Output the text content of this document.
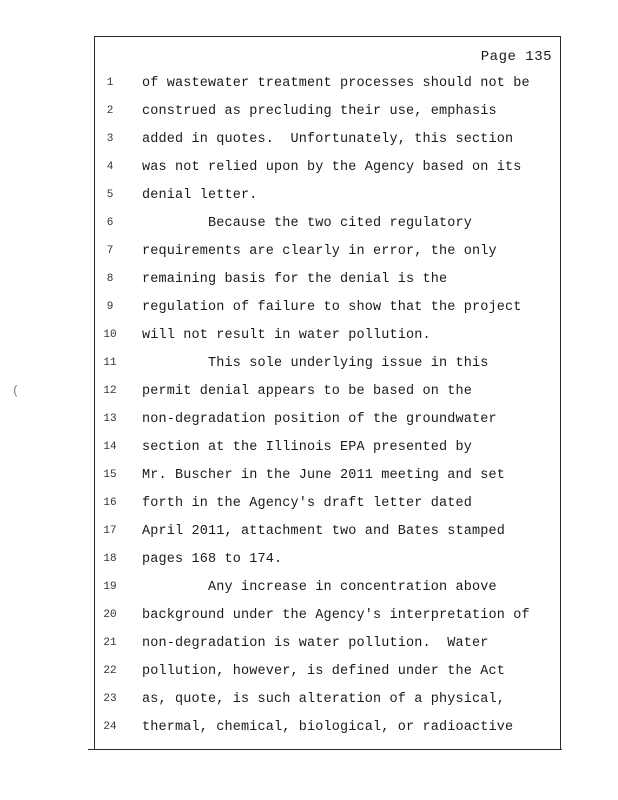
(
Page 135
1	of wastewater treatment processes should not be
2	construed as precluding their use, emphasis
3	added in quotes.  Unfortunately, this section
4	was not relied upon by the Agency based on its
5	denial letter.
6	Because the two cited regulatory
7	requirements are clearly in error, the only
8	remaining basis for the denial is the
9	regulation of failure to show that the project
10	will not result in water pollution.
11	This sole underlying issue in this
12	permit denial appears to be based on the
13	non-degradation position of the groundwater
14	section at the Illinois EPA presented by
15	Mr. Buscher in the June 2011 meeting and set
16	forth in the Agency's draft letter dated
17	April 2011, attachment two and Bates stamped
18	pages 168 to 174.
19	Any increase in concentration above
20	background under the Agency's interpretation of
21	non-degradation is water pollution.  Water
22	pollution, however, is defined under the Act
23	as, quote, is such alteration of a physical,
24	thermal, chemical, biological, or radioactive
